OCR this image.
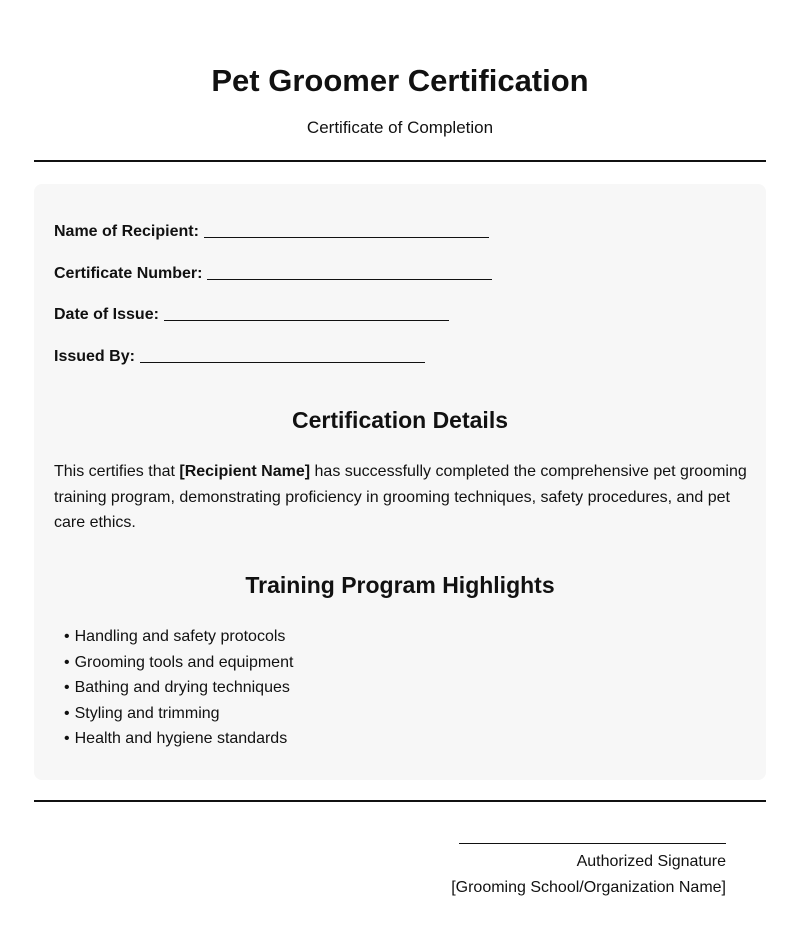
Pet Groomer Certification
Certificate of Completion
Name of Recipient:
Certificate Number:
Date of Issue:
Issued By:
Certification Details

This certifies that [Recipient Name] has successfully completed the comprehensive pet grooming training program, demonstrating proficiency in grooming techniques, safety procedures, and pet care ethics.

Training Program Highlights
• Handling and safety protocols
• Grooming tools and equipment
• Bathing and drying techniques
• Styling and trimming
• Health and hygiene standards
Authorized Signature
[Grooming School/Organization Name]
